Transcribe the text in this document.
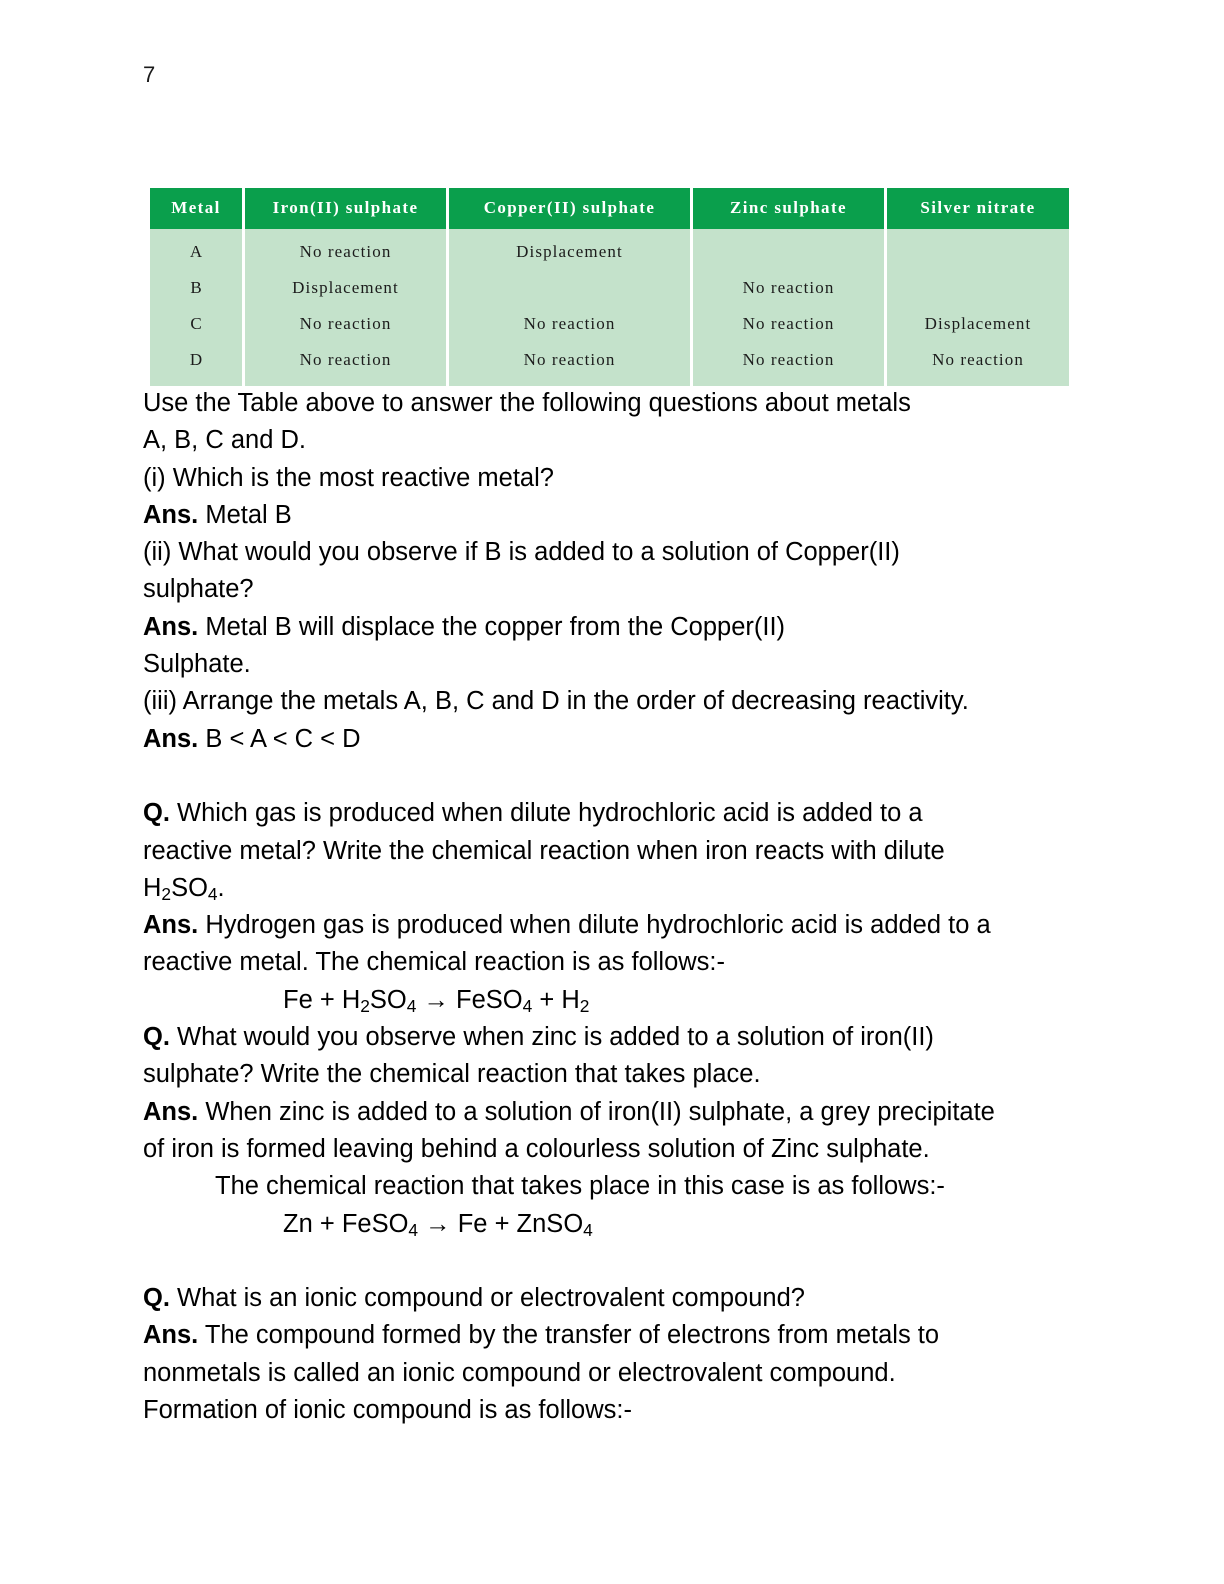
7
Metal	Iron(II) sulphate	Copper(II) sulphate	Zinc sulphate	Silver nitrate
A	No reaction	Displacement		
B	Displacement		No reaction	
C	No reaction	No reaction	No reaction	Displacement
D	No reaction	No reaction	No reaction	No reaction
Use the Table above to answer the following questions about metals
A, B, C and D.
(i) Which is the most reactive metal?
Ans. Metal B
(ii) What would you observe if B is added to a solution of Copper(II)
sulphate?
Ans. Metal B will displace the copper from the Copper(II)
Sulphate.
(iii) Arrange the metals A, B, C and D in the order of decreasing reactivity.
Ans. B < A < C < D
Q. Which gas is produced when dilute hydrochloric acid is added to a
reactive metal? Write the chemical reaction when iron reacts with dilute
$H_2SO_4$.
Ans. Hydrogen gas is produced when dilute hydrochloric acid is added to a
reactive metal. The chemical reaction is as follows:-
$Fe + H_2SO_4$ → FeSO$_4$ + $H_2$
Q. What would you observe when zinc is added to a solution of iron(II)
sulphate? Write the chemical reaction that takes place.
Ans. When zinc is added to a solution of iron(II) sulphate, a grey precipitate
of iron is formed leaving behind a colourless solution of Zinc sulphate.
The chemical reaction that takes place in this case is as follows:-
Zn + FeSO$_4$ → Fe + ZnSO$_4$
Q. What is an ionic compound or electrovalent compound?
Ans. The compound formed by the transfer of electrons from metals to
nonmetals is called an ionic compound or electrovalent compound.
Formation of ionic compound is as follows:-
